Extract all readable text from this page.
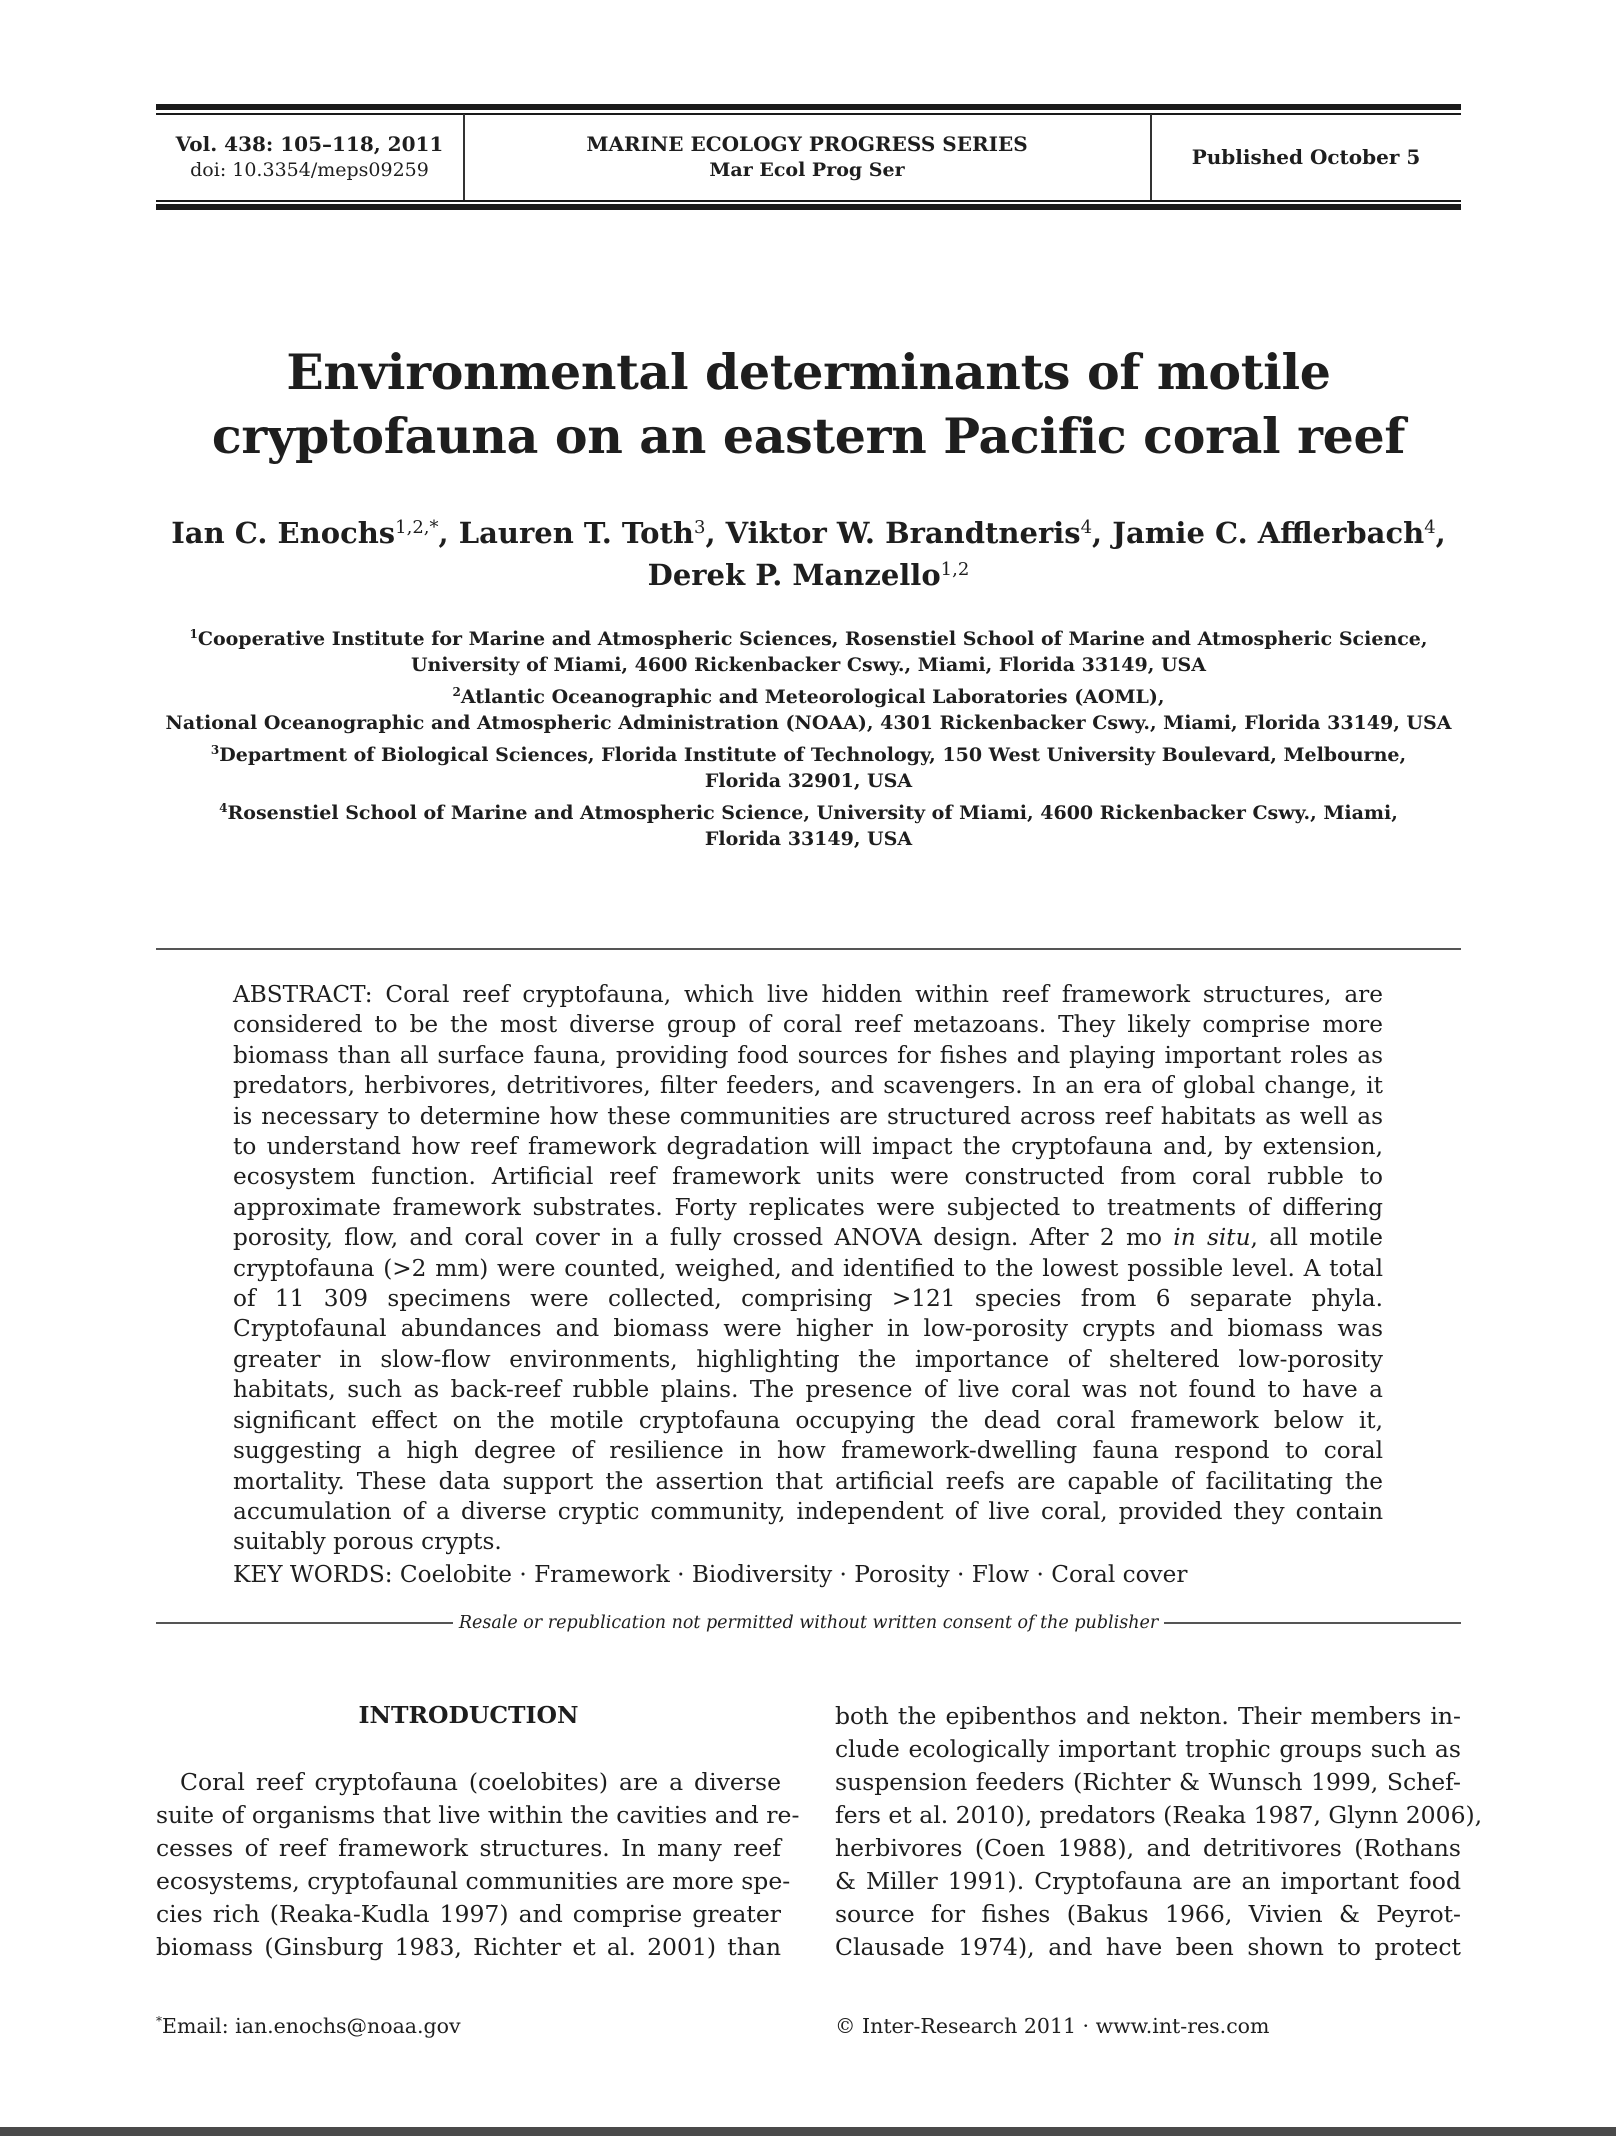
Vol. 438: 105–118, 2011
doi: 10.3354/meps09259
MARINE ECOLOGY PROGRESS SERIES
Mar Ecol Prog Ser
Published October 5
Environmental determinants of motile
cryptofauna on an eastern Pacific coral reef
Ian C. Enochs$^{1,2,*}$, Lauren T. Toth$^3$, Viktor W. Brandtneris$^4$, Jamie C. Afflerbach$^4$,
Derek P. Manzello$^{1,2}$
$^1$Cooperative Institute for Marine and Atmospheric Sciences, Rosenstiel School of Marine and Atmospheric Science,
University of Miami, 4600 Rickenbacker Cswy., Miami, Florida 33149, USA
$^2$Atlantic Oceanographic and Meteorological Laboratories (AOML),
National Oceanographic and Atmospheric Administration (NOAA), 4301 Rickenbacker Cswy., Miami, Florida 33149, USA
$^3$Department of Biological Sciences, Florida Institute of Technology, 150 West University Boulevard, Melbourne,
Florida 32901, USA
$^4$Rosenstiel School of Marine and Atmospheric Science, University of Miami, 4600 Rickenbacker Cswy., Miami,
Florida 33149, USA
ABSTRACT: Coral reef cryptofauna, which live hidden within reef framework structures, are considered to be the most diverse group of coral reef metazoans. They likely comprise more biomass than all surface fauna, providing food sources for fishes and playing important roles as predators, herbivores, detritivores, filter feeders, and scavengers. In an era of global change, it is necessary to determine how these communities are structured across reef habitats as well as to understand how reef framework degradation will impact the cryptofauna and, by extension, ecosystem function. Artificial reef framework units were constructed from coral rubble to approximate framework substrates. Forty replicates were subjected to treatments of differing porosity, flow, and coral cover in a fully crossed ANOVA design. After 2 mo in situ, all motile cryptofauna (>2 mm) were counted, weighed, and identified to the lowest possible level. A total of 11 309 specimens were collected, comprising >121 species from 6 separate phyla. Cryptofaunal abundances and biomass were higher in low-porosity crypts and biomass was greater in slow-flow environments, highlighting the importance of sheltered low-porosity habitats, such as back-reef rubble plains. The presence of live coral was not found to have a significant effect on the motile cryptofauna occupying the dead coral framework below it, suggesting a high degree of resilience in how framework-dwelling fauna respond to coral mortality. These data support the assertion that artificial reefs are capable of facilitating the accumulation of a diverse cryptic community, independent of live coral, provided they contain suitably porous crypts.
KEY WORDS: Coelobite · Framework · Biodiversity · Porosity · Flow · Coral cover
Resale or republication not permitted without written consent of the publisher
INTRODUCTION
Coral reef cryptofauna (coelobites) are a diverse
suite of organisms that live within the cavities and re-
cesses of reef framework structures. In many reef
ecosystems, cryptofaunal communities are more spe-
cies rich (Reaka-Kudla 1997) and comprise greater
biomass (Ginsburg 1983, Richter et al. 2001) than
both the epibenthos and nekton. Their members in-
clude ecologically important trophic groups such as
suspension feeders (Richter & Wunsch 1999, Schef-
fers et al. 2010), predators (Reaka 1987, Glynn 2006),
herbivores (Coen 1988), and detritivores (Rothans
& Miller 1991). Cryptofauna are an important food
source for fishes (Bakus 1966, Vivien & Peyrot-
Clausade 1974), and have been shown to protect
*Email: ian.enochs@noaa.gov	© Inter-Research 2011 · www.int-res.com
